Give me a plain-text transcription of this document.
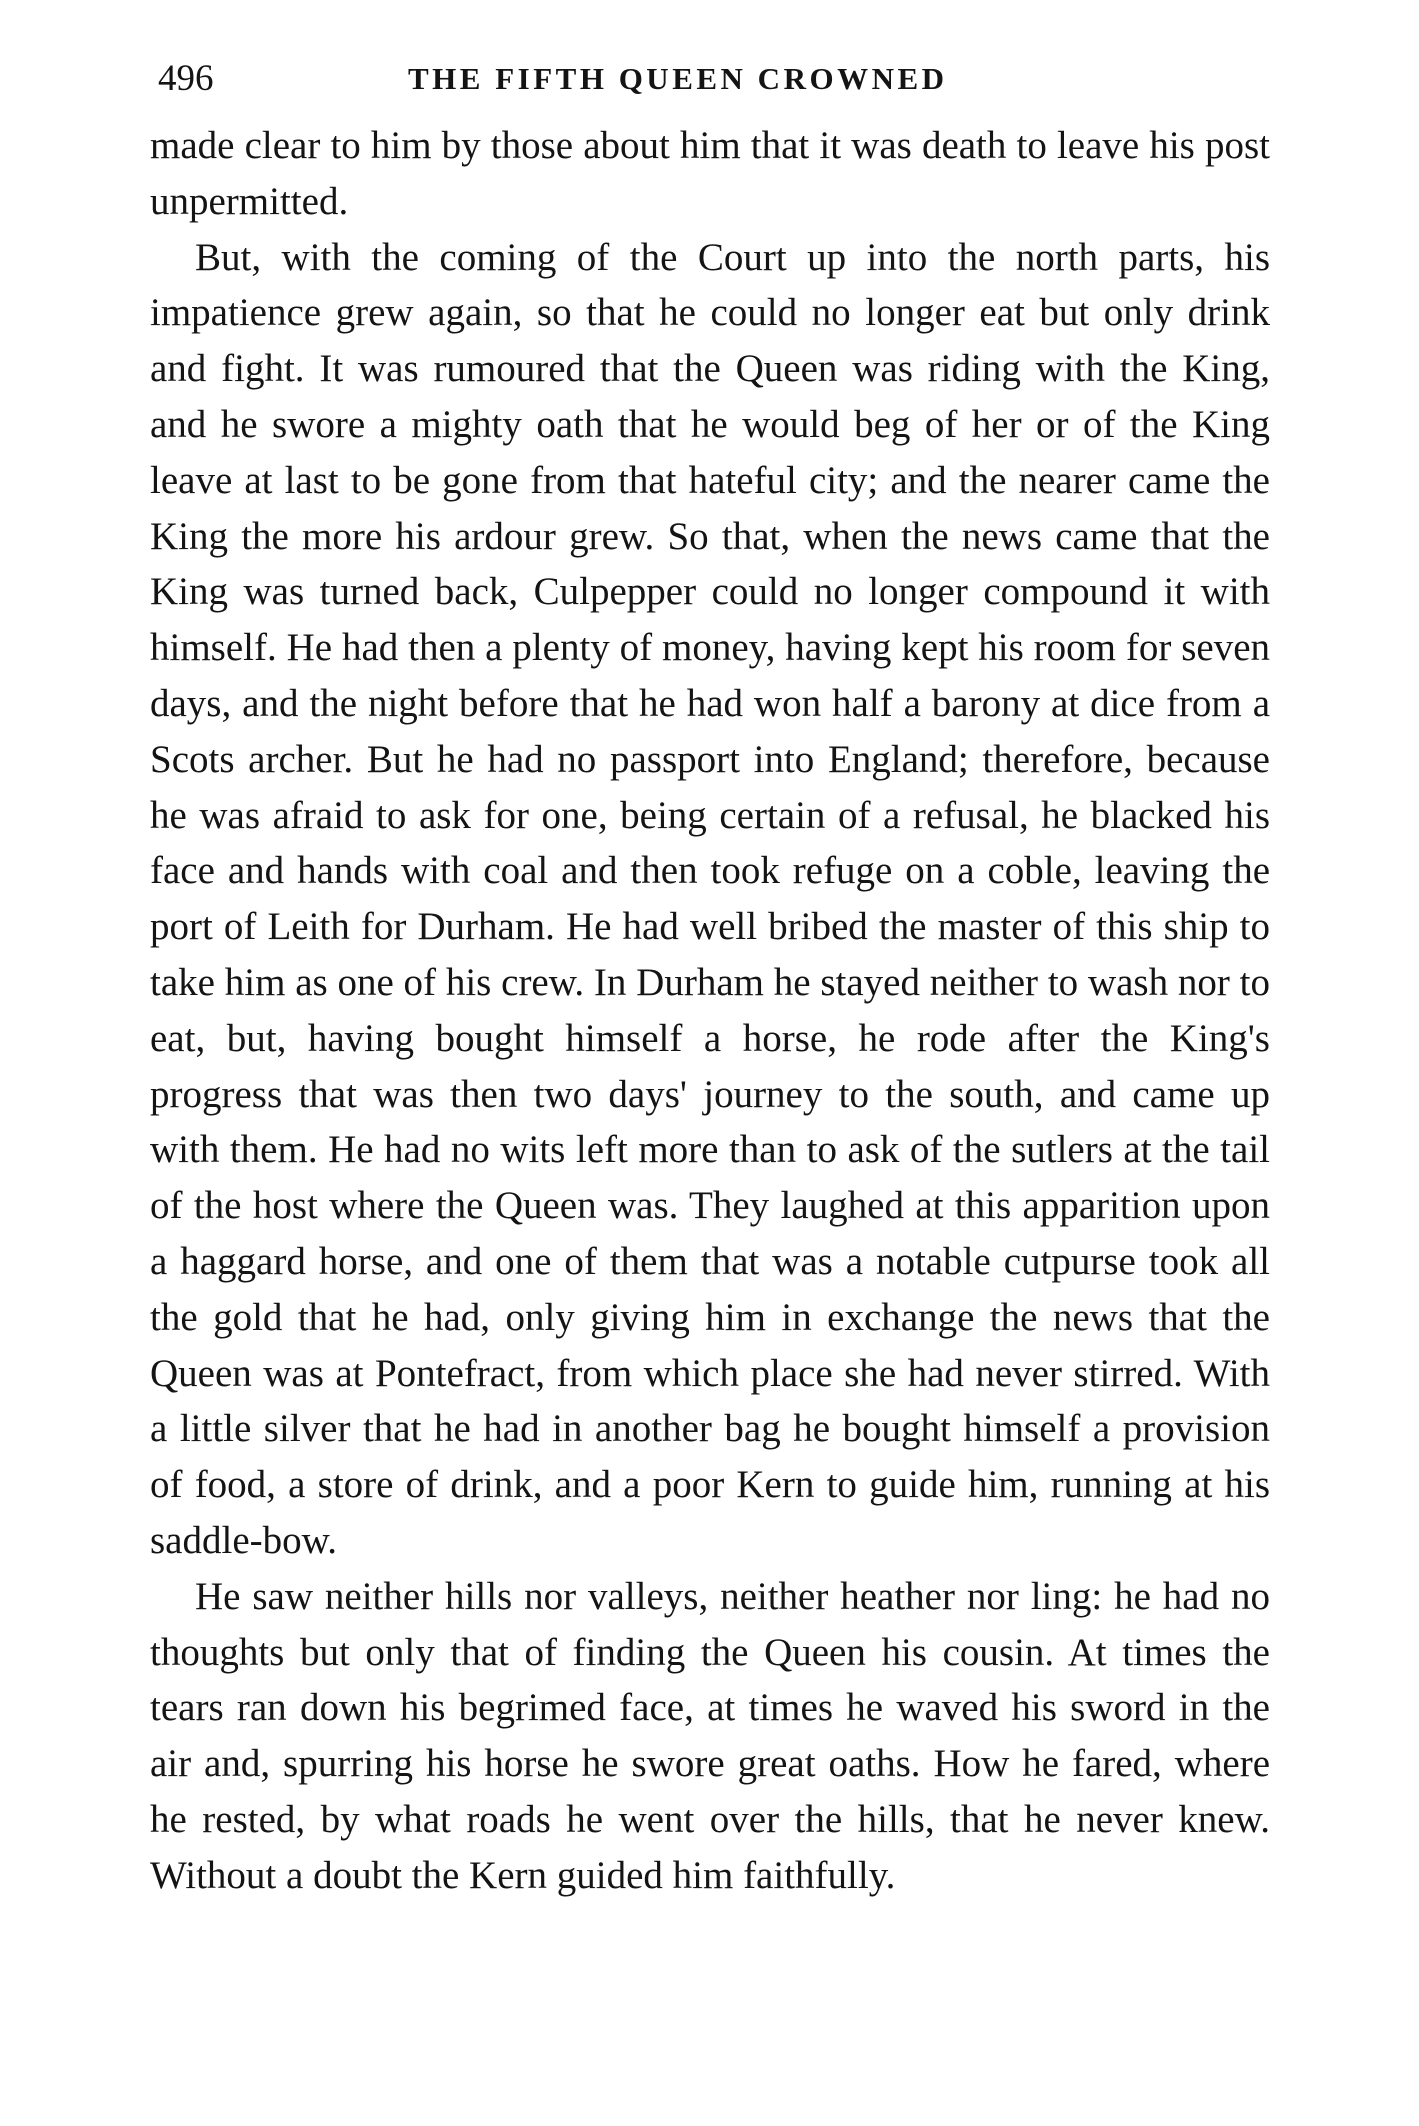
496	THE FIFTH QUEEN CROWNED

made clear to him by those about him that it was death to leave his post unpermitted.

But, with the coming of the Court up into the north parts, his impatience grew again, so that he could no longer eat but only drink and fight. It was rumoured that the Queen was riding with the King, and he swore a mighty oath that he would beg of her or of the King leave at last to be gone from that hateful city; and the nearer came the King the more his ardour grew. So that, when the news came that the King was turned back, Culpepper could no longer compound it with himself. He had then a plenty of money, having kept his room for seven days, and the night before that he had won half a barony at dice from a Scots archer. But he had no passport into England; therefore, because he was afraid to ask for one, being certain of a refusal, he blacked his face and hands with coal and then took refuge on a coble, leaving the port of Leith for Durham. He had well bribed the master of this ship to take him as one of his crew. In Durham he stayed neither to wash nor to eat, but, having bought himself a horse, he rode after the King's progress that was then two days' journey to the south, and came up with them. He had no wits left more than to ask of the sutlers at the tail of the host where the Queen was. They laughed at this apparition upon a haggard horse, and one of them that was a notable cutpurse took all the gold that he had, only giving him in exchange the news that the Queen was at Pontefract, from which place she had never stirred. With a little silver that he had in another bag he bought himself a provision of food, a store of drink, and a poor Kern to guide him, running at his saddle-bow.

He saw neither hills nor valleys, neither heather nor ling: he had no thoughts but only that of finding the Queen his cousin. At times the tears ran down his begrimed face, at times he waved his sword in the air and, spurring his horse he swore great oaths. How he fared, where he rested, by what roads he went over the hills, that he never knew. Without a doubt the Kern guided him faithfully.
